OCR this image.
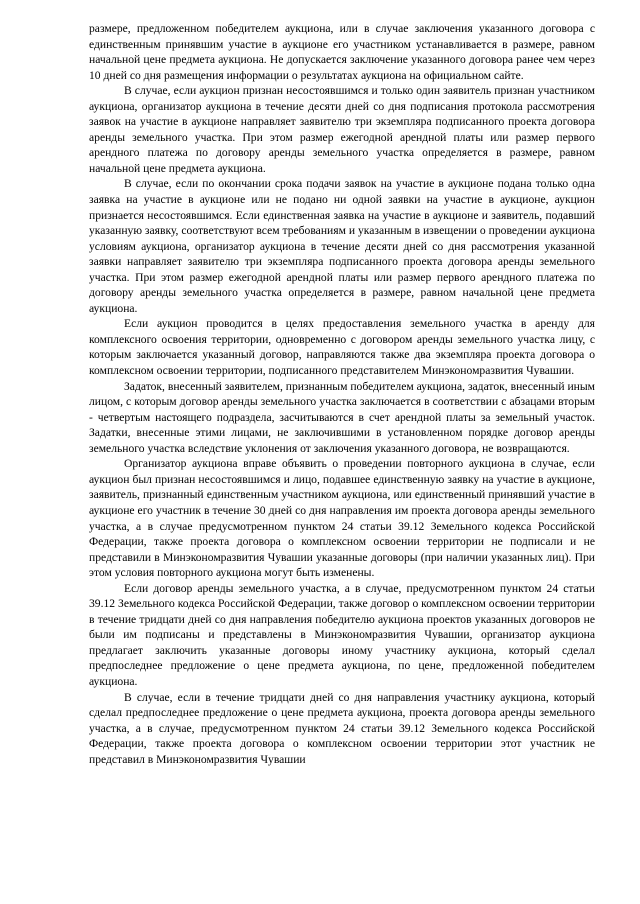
размере, предложенном победителем аукциона, или в случае заключения указанного договора с единственным принявшим участие в аукционе его участником устанавливается в размере, равном начальной цене предмета аукциона. Не допускается заключение указанного договора ранее чем через 10 дней со дня размещения информации о результатах аукциона на официальном сайте.

В случае, если аукцион признан несостоявшимся и только один заявитель признан участником аукциона, организатор аукциона в течение десяти дней со дня подписания протокола рассмотрения заявок на участие в аукционе направляет заявителю три экземпляра подписанного проекта договора аренды земельного участка. При этом размер ежегодной арендной платы или размер первого арендного платежа по договору аренды земельного участка определяется в размере, равном начальной цене предмета аукциона.

В случае, если по окончании срока подачи заявок на участие в аукционе подана только одна заявка на участие в аукционе или не подано ни одной заявки на участие в аукционе, аукцион признается несостоявшимся. Если единственная заявка на участие в аукционе и заявитель, подавший указанную заявку, соответствуют всем требованиям и указанным в извещении о проведении аукциона условиям аукциона, организатор аукциона в течение десяти дней со дня рассмотрения указанной заявки направляет заявителю три экземпляра подписанного проекта договора аренды земельного участка. При этом размер ежегодной арендной платы или размер первого арендного платежа по договору аренды земельного участка определяется в размере, равном начальной цене предмета аукциона.

Если аукцион проводится в целях предоставления земельного участка в аренду для комплексного освоения территории, одновременно с договором аренды земельного участка лицу, с которым заключается указанный договор, направляются также два экземпляра проекта договора о комплексном освоении территории, подписанного представителем Минэкономразвития Чувашии.

Задаток, внесенный заявителем, признанным победителем аукциона, задаток, внесенный иным лицом, с которым договор аренды земельного участка заключается в соответствии с абзацами вторым - четвертым настоящего подраздела, засчитываются в счет арендной платы за земельный участок. Задатки, внесенные этими лицами, не заключившими в установленном порядке договор аренды земельного участка вследствие уклонения от заключения указанного договора, не возвращаются.

Организатор аукциона вправе объявить о проведении повторного аукциона в случае, если аукцион был признан несостоявшимся и лицо, подавшее единственную заявку на участие в аукционе, заявитель, признанный единственным участником аукциона, или единственный принявший участие в аукционе его участник в течение 30 дней со дня направления им проекта договора аренды земельного участка, а в случае предусмотренном пунктом 24 статьи 39.12 Земельного кодекса Российской Федерации, также проекта договора о комплексном освоении территории не подписали и не представили в Минэкономразвития Чувашии указанные договоры (при наличии указанных лиц). При этом условия повторного аукциона могут быть изменены.

Если договор аренды земельного участка, а в случае, предусмотренном пунктом 24 статьи 39.12 Земельного кодекса Российской Федерации, также договор о комплексном освоении территории в течение тридцати дней со дня направления победителю аукциона проектов указанных договоров не были им подписаны и представлены в Минэкономразвития Чувашии, организатор аукциона предлагает заключить указанные договоры иному участнику аукциона, который сделал предпоследнее предложение о цене предмета аукциона, по цене, предложенной победителем аукциона.

В случае, если в течение тридцати дней со дня направления участнику аукциона, который сделал предпоследнее предложение о цене предмета аукциона, проекта договора аренды земельного участка, а в случае, предусмотренном пунктом 24 статьи 39.12 Земельного кодекса Российской Федерации, также проекта договора о комплексном освоении территории этот участник не представил в Минэкономразвития Чувашии
